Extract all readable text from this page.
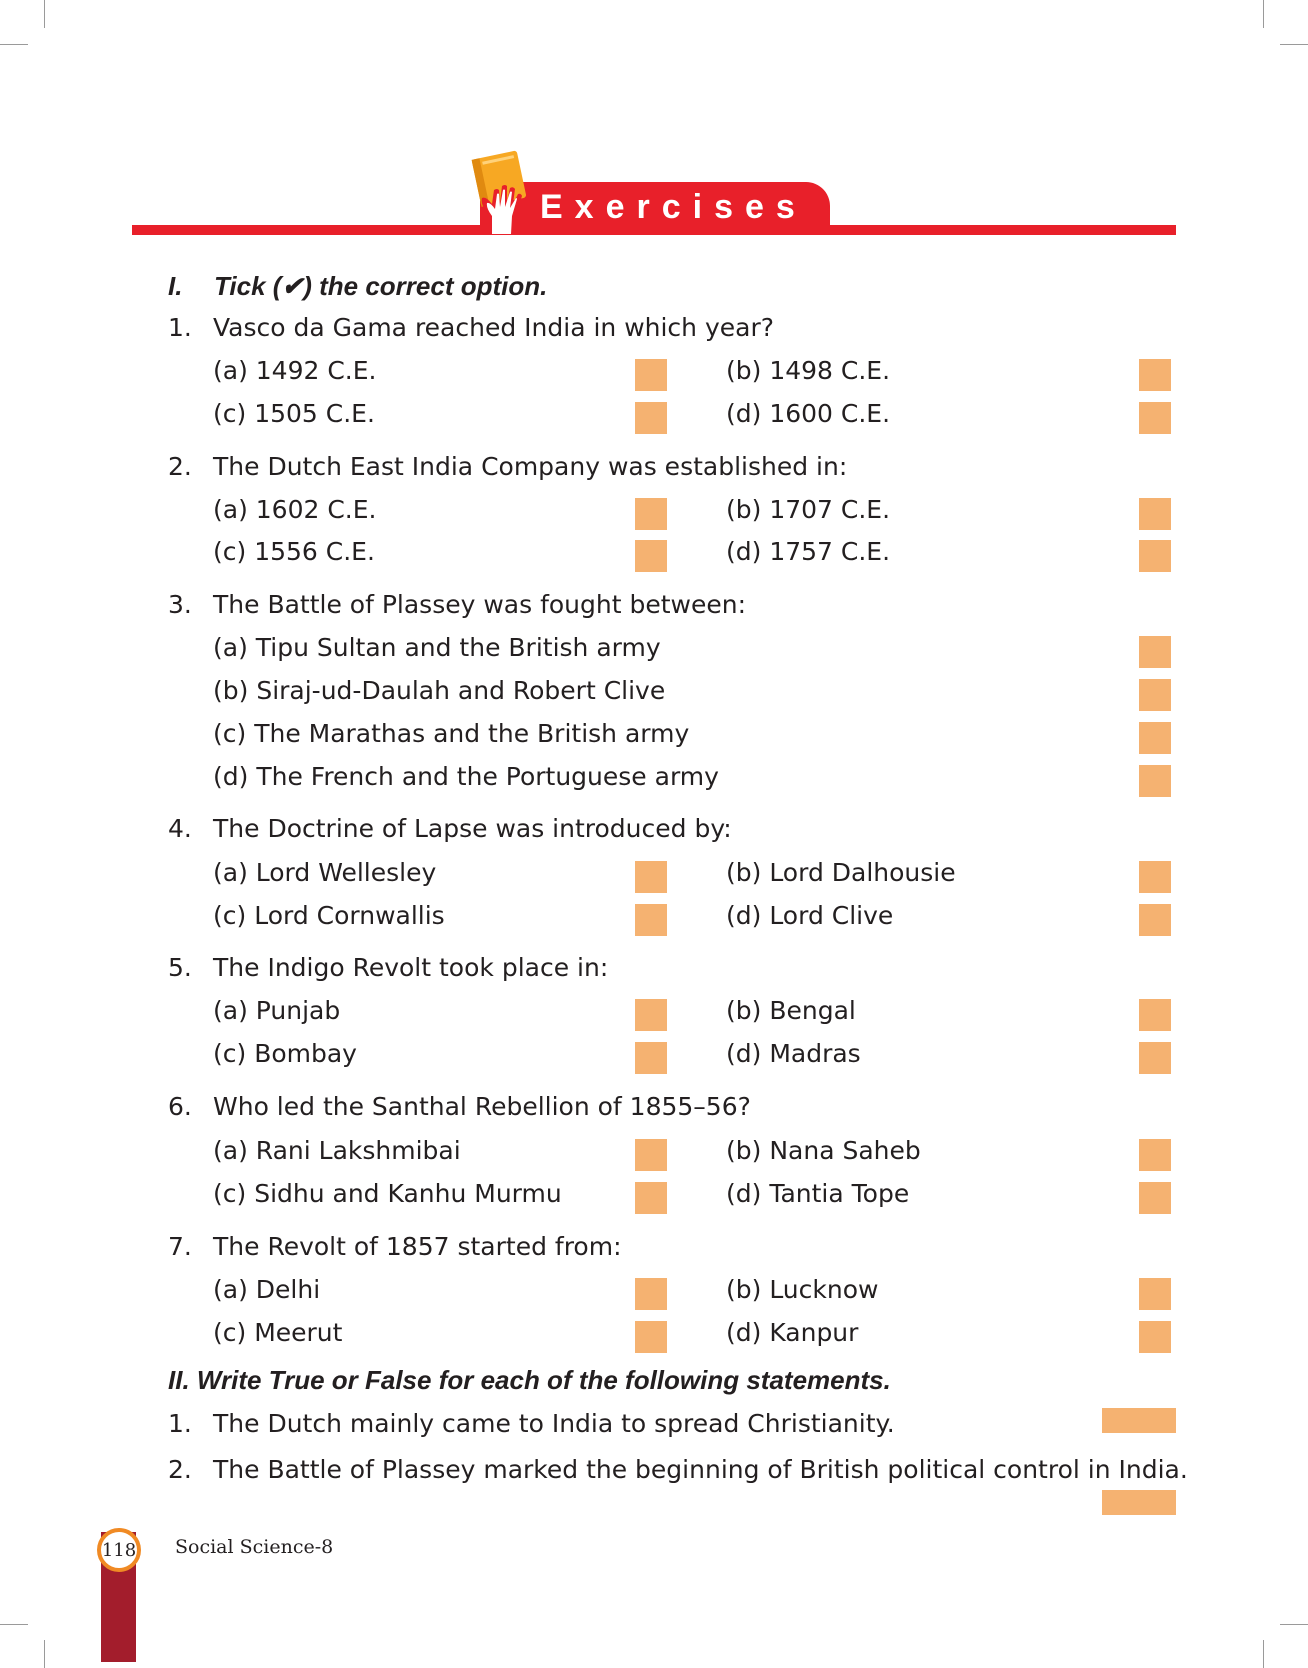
Exercises
I. Tick (✔) the correct option.
1. Vasco da Gama reached India in which year?
(a) 1492 C.E.	(b) 1498 C.E.
(c) 1505 C.E.	(d) 1600 C.E.
2. The Dutch East India Company was established in:
(a) 1602 C.E.	(b) 1707 C.E.
(c) 1556 C.E.	(d) 1757 C.E.
3. The Battle of Plassey was fought between:
(a) Tipu Sultan and the British army
(b) Siraj-ud-Daulah and Robert Clive
(c) The Marathas and the British army
(d) The French and the Portuguese army
4. The Doctrine of Lapse was introduced by:
(a) Lord Wellesley	(b) Lord Dalhousie
(c) Lord Cornwallis	(d) Lord Clive
5. The Indigo Revolt took place in:
(a) Punjab	(b) Bengal
(c) Bombay	(d) Madras
6. Who led the Santhal Rebellion of 1855–56?
(a) Rani Lakshmibai	(b) Nana Saheb
(c) Sidhu and Kanhu Murmu	(d) Tantia Tope
7. The Revolt of 1857 started from:
(a) Delhi	(b) Lucknow
(c) Meerut	(d) Kanpur
II. Write True or False for each of the following statements.
1. The Dutch mainly came to India to spread Christianity.
2. The Battle of Plassey marked the beginning of British political control in India.
118 Social Science-8
